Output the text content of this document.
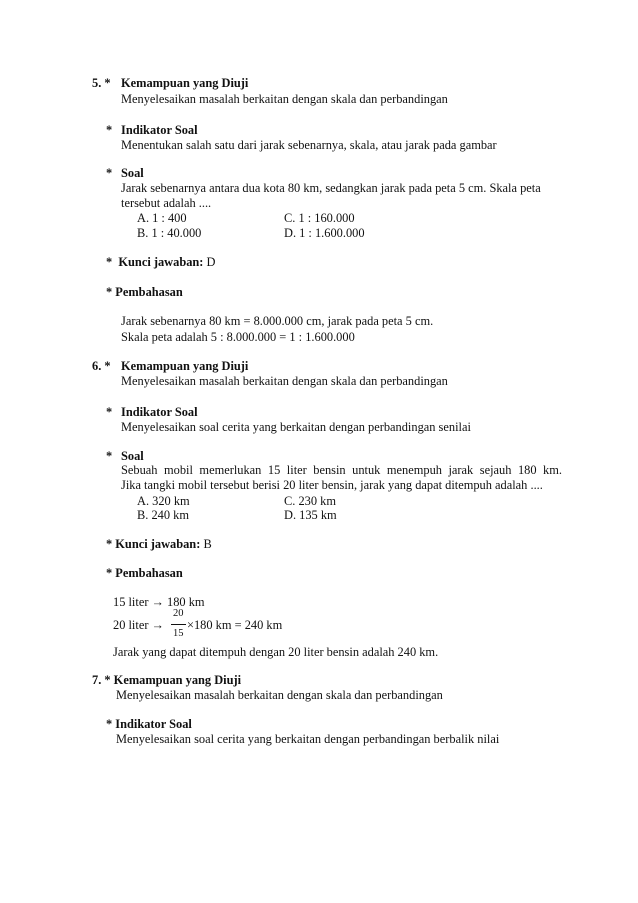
5. * Kemampuan yang Diuji
Menyelesaikan masalah berkaitan dengan skala dan perbandingan
* Indikator Soal
Menentukan salah satu dari jarak sebenarnya, skala, atau jarak pada gambar
* Soal
Jarak sebenarnya antara dua kota 80 km, sedangkan jarak pada peta 5 cm. Skala peta
tersebut adalah ....
A. 1 : 400	C. 1 : 160.000
B. 1 : 40.000	D. 1 : 1.600.000
* Kunci jawaban: D
* Pembahasan
Jarak sebenarnya 80 km = 8.000.000 cm, jarak pada peta 5 cm.
Skala peta adalah 5 : 8.000.000 = 1 : 1.600.000
6. * Kemampuan yang Diuji
Menyelesaikan masalah berkaitan dengan skala dan perbandingan
* Indikator Soal
Menyelesaikan soal cerita yang berkaitan dengan perbandingan senilai
* Soal
Sebuah mobil memerlukan 15 liter bensin untuk menempuh jarak sejauh 180 km.
Jika tangki mobil tersebut berisi 20 liter bensin, jarak yang dapat ditempuh adalah ....
A. 320 km	C. 230 km
B. 240 km	D. 135 km
* Kunci jawaban: B
* Pembahasan
15 liter → 180 km
20 liter →
20
15
×180 km = 240 km
Jarak yang dapat ditempuh dengan 20 liter bensin adalah 240 km.
7. * Kemampuan yang Diuji
Menyelesaikan masalah berkaitan dengan skala dan perbandingan
* Indikator Soal
Menyelesaikan soal cerita yang berkaitan dengan perbandingan berbalik nilai
